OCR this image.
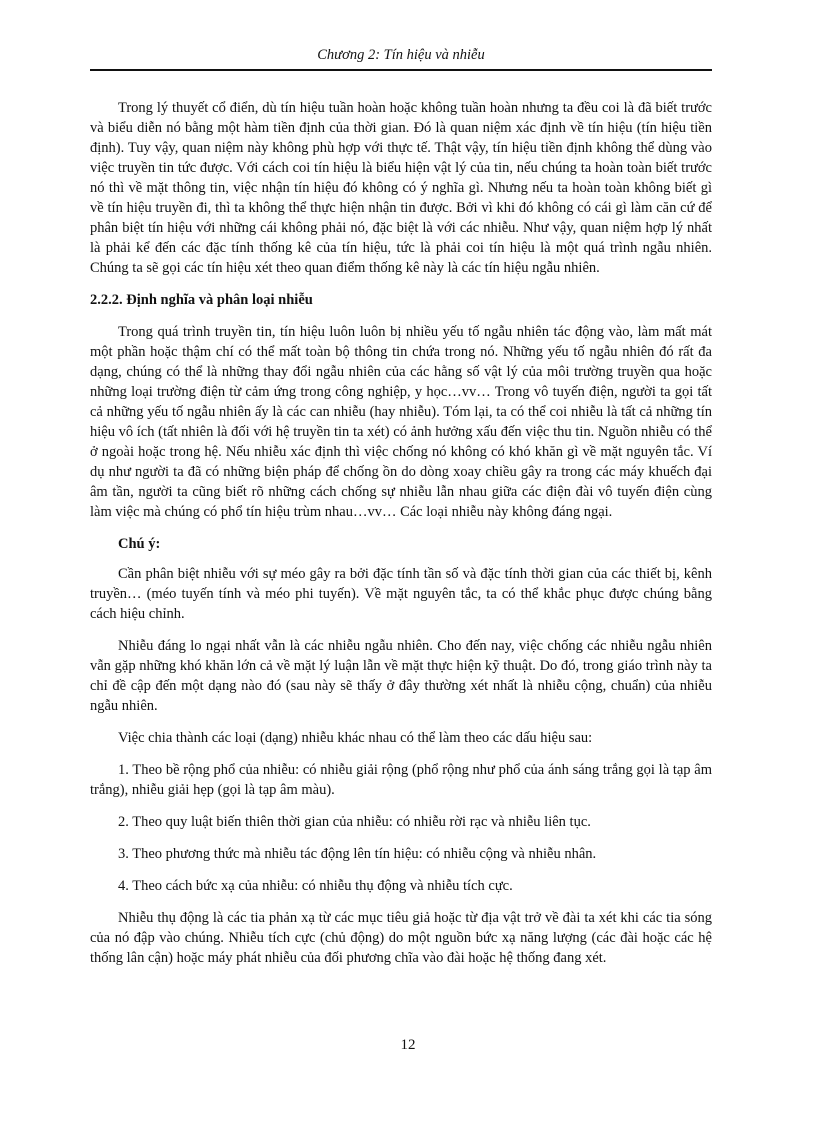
Chương 2: Tín hiệu và nhiễu

Trong lý thuyết cổ điển, dù tín hiệu tuần hoàn hoặc không tuần hoàn nhưng ta đều coi là đã biết trước và biểu diễn nó bằng một hàm tiền định của thời gian. Đó là quan niệm xác định về tín hiệu (tín hiệu tiền định). Tuy vậy, quan niệm này không phù hợp với thực tế. Thật vậy, tín hiệu tiền định không thể dùng vào việc truyền tin tức được. Với cách coi tín hiệu là biểu hiện vật lý của tin, nếu chúng ta hoàn toàn biết trước nó thì về mặt thông tin, việc nhận tín hiệu đó không có ý nghĩa gì. Nhưng nếu ta hoàn toàn không biết gì về tín hiệu truyền đi, thì ta không thể thực hiện nhận tin được. Bởi vì khi đó không có cái gì làm căn cứ để phân biệt tín hiệu với những cái không phải nó, đặc biệt là với các nhiễu. Như vậy, quan niệm hợp lý nhất là phải kể đến các đặc tính thống kê của tín hiệu, tức là phải coi tín hiệu là một quá trình ngẫu nhiên. Chúng ta sẽ gọi các tín hiệu xét theo quan điểm thống kê này là các tín hiệu ngẫu nhiên.

2.2.2. Định nghĩa và phân loại nhiễu

Trong quá trình truyền tin, tín hiệu luôn luôn bị nhiều yếu tố ngẫu nhiên tác động vào, làm mất mát một phần hoặc thậm chí có thể mất toàn bộ thông tin chứa trong nó. Những yếu tố ngẫu nhiên đó rất đa dạng, chúng có thể là những thay đổi ngẫu nhiên của các hằng số vật lý của môi trường truyền qua hoặc những loại trường điện từ cảm ứng trong công nghiệp, y học…vv… Trong vô tuyến điện, người ta gọi tất cả những yếu tố ngẫu nhiên ấy là các can nhiễu (hay nhiễu). Tóm lại, ta có thể coi nhiễu là tất cả những tín hiệu vô ích (tất nhiên là đối với hệ truyền tin ta xét) có ảnh hưởng xấu đến việc thu tin. Nguồn nhiễu có thể ở ngoài hoặc trong hệ. Nếu nhiễu xác định thì việc chống nó không có khó khăn gì về mặt nguyên tắc. Ví dụ như người ta đã có những biện pháp để chống ồn do dòng xoay chiều gây ra trong các máy khuếch đại âm tần, người ta cũng biết rõ những cách chống sự nhiễu lẫn nhau giữa các điện đài vô tuyến điện cùng làm việc mà chúng có phổ tín hiệu trùm nhau…vv… Các loại nhiễu này không đáng ngại.

Chú ý:

Cần phân biệt nhiễu với sự méo gây ra bởi đặc tính tần số và đặc tính thời gian của các thiết bị, kênh truyền… (méo tuyến tính và méo phi tuyến). Về mặt nguyên tắc, ta có thể khắc phục được chúng bằng cách hiệu chỉnh.

Nhiễu đáng lo ngại nhất vẫn là các nhiễu ngẫu nhiên. Cho đến nay, việc chống các nhiễu ngẫu nhiên vẫn gặp những khó khăn lớn cả về mặt lý luận lẫn về mặt thực hiện kỹ thuật. Do đó, trong giáo trình này ta chỉ đề cập đến một dạng nào đó (sau này sẽ thấy ở đây thường xét nhất là nhiễu cộng, chuẩn) của nhiễu ngẫu nhiên.

Việc chia thành các loại (dạng) nhiễu khác nhau có thể làm theo các dấu hiệu sau:

1. Theo bề rộng phổ của nhiễu: có nhiễu giải rộng (phổ rộng như phổ của ánh sáng trắng gọi là tạp âm trắng), nhiễu giải hẹp (gọi là tạp âm màu).

2. Theo quy luật biến thiên thời gian của nhiễu: có nhiễu rời rạc và nhiễu liên tục.

3. Theo phương thức mà nhiễu tác động lên tín hiệu: có nhiễu cộng và nhiễu nhân.

4. Theo cách bức xạ của nhiễu: có nhiễu thụ động và nhiễu tích cực.

Nhiễu thụ động là các tia phản xạ từ các mục tiêu giả hoặc từ địa vật trở về đài ta xét khi các tia sóng của nó đập vào chúng. Nhiễu tích cực (chủ động) do một nguồn bức xạ năng lượng (các đài hoặc các hệ thống lân cận) hoặc máy phát nhiễu của đối phương chĩa vào đài hoặc hệ thống đang xét.

12
